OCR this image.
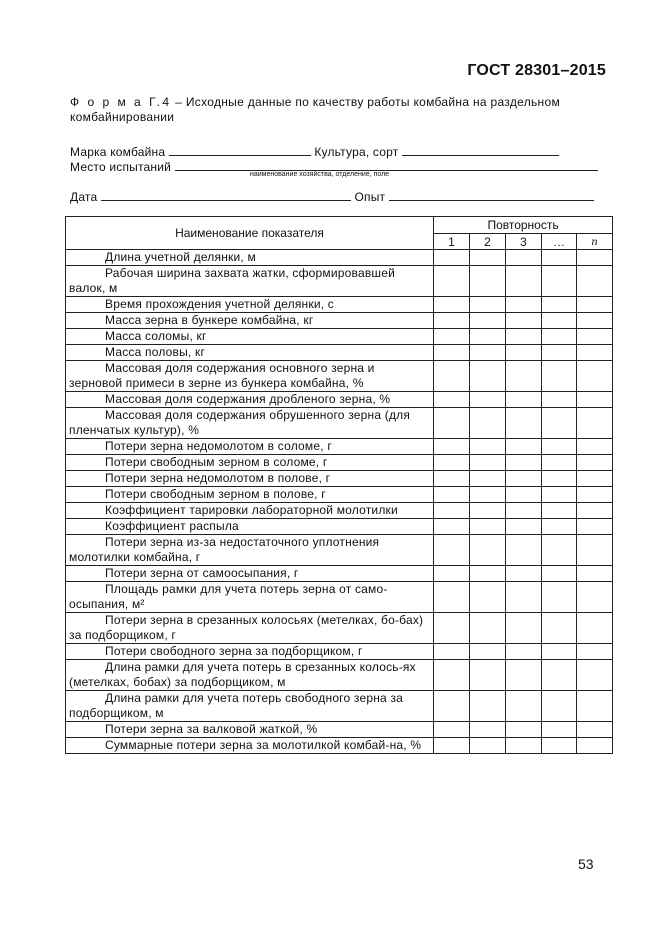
ГОСТ 28301–2015
Ф о р м а Г.4 – Исходные данные по качеству работы комбайна на раздельном комбайнировании
Марка комбайна	Культура, сорт
Место испытаний
наименование хозяйства, отделение, поле
Дата	Опыт
Наименование показателя	Повторность				
	1	2	3	…	n
Длина учетной делянки, м					
Рабочая ширина захвата жатки, сформировавшей валок, м					
Время прохождения учетной делянки, с					
Масса зерна в бункере комбайна, кг					
Масса соломы, кг					
Масса половы, кг					
Массовая доля содержания основного зерна и зерновой примеси в зерне из бункера комбайна, %					
Массовая доля содержания дробленого зерна, %					
Массовая доля содержания обрушенного зерна (для пленчатых культур), %					
Потери зерна недомолотом в соломе, г					
Потери свободным зерном в соломе, г					
Потери зерна недомолотом в полове, г					
Потери свободным зерном в полове, г					
Коэффициент тарировки лабораторной молотилки					
Коэффициент распыла					
Потери зерна из-за недостаточного уплотнения молотилки комбайна, г					
Потери зерна от самоосыпания, г					
Площадь рамки для учета потерь зерна от само-осыпания, м²					
Потери зерна в срезанных колосьях (метелках, бо-бах) за подборщиком, г					
Потери свободного зерна за подборщиком, г					
Длина рамки для учета потерь в срезанных колось-ях (метелках, бобах) за подборщиком, м					
Длина рамки для учета потерь свободного зерна за подборщиком, м					
Потери зерна за валковой жаткой, %					
Суммарные потери зерна за молотилкой комбай-на, %					
53
